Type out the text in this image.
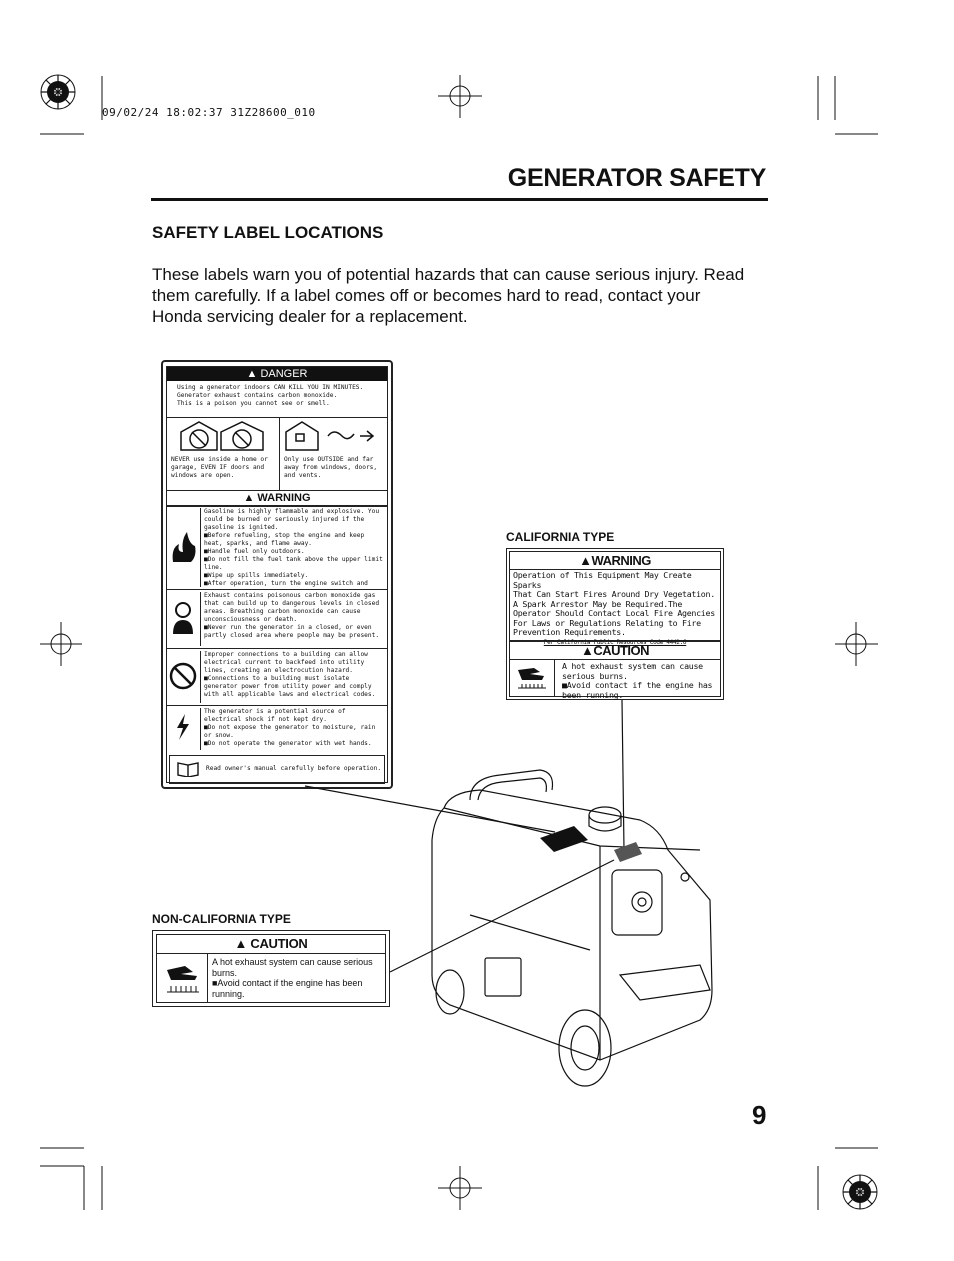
09/02/24 18:02:37 31Z28600_010
GENERATOR SAFETY
SAFETY LABEL LOCATIONS
These labels warn you of potential hazards that can cause serious injury. Read them carefully. If a label comes off or becomes hard to read, contact your Honda servicing dealer for a replacement.
▲ DANGER
Using a generator indoors CAN KILL YOU IN MINUTES.
Generator exhaust contains carbon monoxide.
This is a poison you cannot see or smell.
NEVER use inside a home or garage, EVEN IF doors and windows are open.
Only use OUTSIDE and far away from windows, doors, and vents.
▲ WARNING

Gasoline is highly flammable and explosive. You could be burned or seriously injured if the gasoline is ignited.

■Before refueling, stop the engine and keep heat, sparks, and flame away.

■Handle fuel only outdoors.

■Do not fill the fuel tank above the upper limit line.

■Wipe up spills immediately.

■After operation, turn the engine switch and

Exhaust contains poisonous carbon monoxide gas that can build up to dangerous levels in closed areas. Breathing carbon monoxide can cause unconsciousness or death.

■Never run the generator in a closed, or even partly closed area where people may be present.

Improper connections to a building can allow electrical current to backfeed into utility lines, creating an electrocution hazard.

■Connections to a building must isolate generator power from utility power and comply with all applicable laws and electrical codes.

The generator is a potential source of electrical shock if not kept dry.

■Do not expose the generator to moisture, rain or snow.

■Do not operate the generator with wet hands.

Read owner's manual carefully before operation.
CALIFORNIA TYPE
▲WARNING
Operation of This Equipment May Create Sparks
That Can Start Fires Around Dry Vegetation.
A Spark Arrestor May be Required.The
Operator Should Contact Local Fire Agencies
For Laws or Regulations Relating to Fire
Prevention Requirements.
Per California Public Resources Code 4442.6
▲CAUTION
A hot exhaust system can cause serious burns.
■Avoid contact if the engine has been running.
NON-CALIFORNIA TYPE
▲ CAUTION

A hot exhaust system can cause serious burns.

■Avoid contact if the engine has been running.

9
